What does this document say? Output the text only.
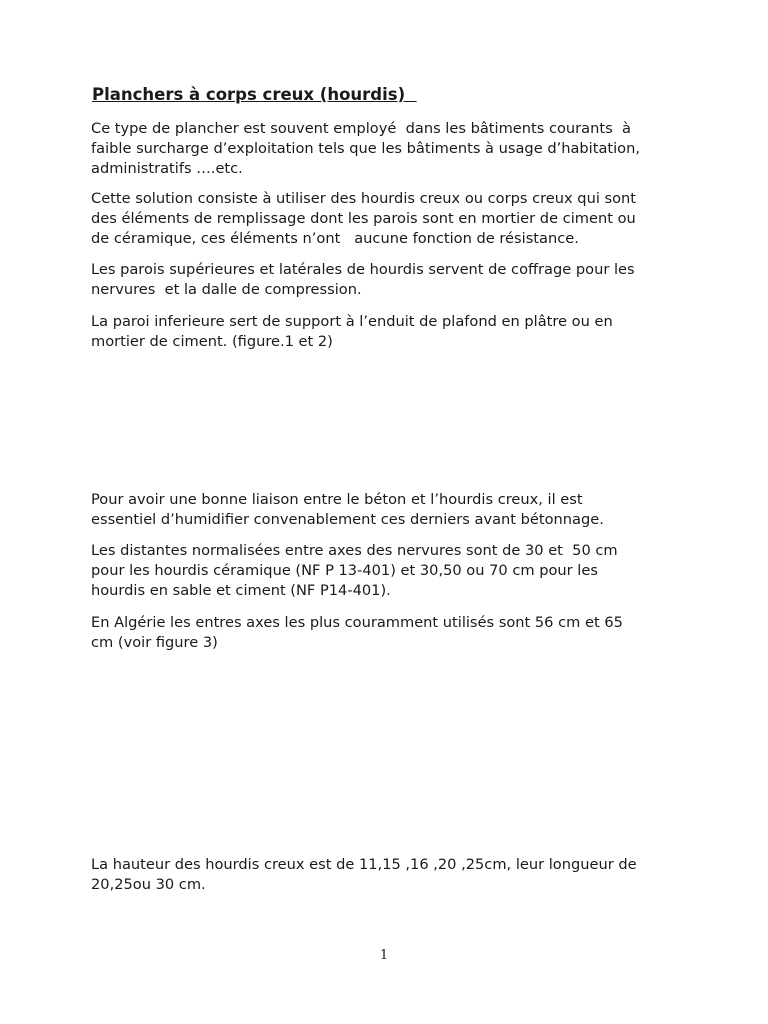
Planchers à corps creux (hourdis)

Ce type de plancher est souvent employé  dans les bâtiments courants  à
faible surcharge d’exploitation tels que les bâtiments à usage d’habitation,
administratifs ….etc.

Cette solution consiste à utiliser des hourdis creux ou corps creux qui sont
des éléments de remplissage dont les parois sont en mortier de ciment ou
de céramique, ces éléments n’ont   aucune fonction de résistance.

Les parois supérieures et latérales de hourdis servent de coffrage pour les
nervures  et la dalle de compression.

La paroi inferieure sert de support à l’enduit de plafond en plâtre ou en
mortier de ciment. (figure.1 et 2)

Pour avoir une bonne liaison entre le béton et l’hourdis creux, il est
essentiel d’humidifier convenablement ces derniers avant bétonnage.

Les distantes normalisées entre axes des nervures sont de 30 et  50 cm
pour les hourdis céramique (NF P 13-401) et 30,50 ou 70 cm pour les
hourdis en sable et ciment (NF P14-401).

En Algérie les entres axes les plus couramment utilisés sont 56 cm et 65
cm (voir figure 3)

La hauteur des hourdis creux est de 11,15 ,16 ,20 ,25cm, leur longueur de
20,25ou 30 cm.

1
